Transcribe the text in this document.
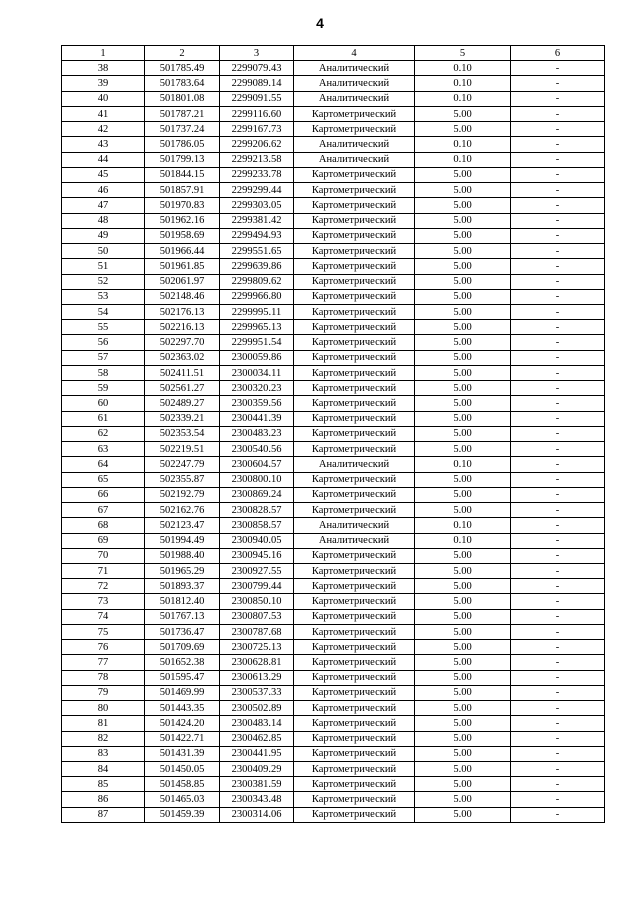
4
1	2	3	4	5	6
38	501785.49	2299079.43	Аналитический	0.10	-
39	501783.64	2299089.14	Аналитический	0.10	-
40	501801.08	2299091.55	Аналитический	0.10	-
41	501787.21	2299116.60	Картометрический	5.00	-
42	501737.24	2299167.73	Картометрический	5.00	-
43	501786.05	2299206.62	Аналитический	0.10	-
44	501799.13	2299213.58	Аналитический	0.10	-
45	501844.15	2299233.78	Картометрический	5.00	-
46	501857.91	2299299.44	Картометрический	5.00	-
47	501970.83	2299303.05	Картометрический	5.00	-
48	501962.16	2299381.42	Картометрический	5.00	-
49	501958.69	2299494.93	Картометрический	5.00	-
50	501966.44	2299551.65	Картометрический	5.00	-
51	501961.85	2299639.86	Картометрический	5.00	-
52	502061.97	2299809.62	Картометрический	5.00	-
53	502148.46	2299966.80	Картометрический	5.00	-
54	502176.13	2299995.11	Картометрический	5.00	-
55	502216.13	2299965.13	Картометрический	5.00	-
56	502297.70	2299951.54	Картометрический	5.00	-
57	502363.02	2300059.86	Картометрический	5.00	-
58	502411.51	2300034.11	Картометрический	5.00	-
59	502561.27	2300320.23	Картометрический	5.00	-
60	502489.27	2300359.56	Картометрический	5.00	-
61	502339.21	2300441.39	Картометрический	5.00	-
62	502353.54	2300483.23	Картометрический	5.00	-
63	502219.51	2300540.56	Картометрический	5.00	-
64	502247.79	2300604.57	Аналитический	0.10	-
65	502355.87	2300800.10	Картометрический	5.00	-
66	502192.79	2300869.24	Картометрический	5.00	-
67	502162.76	2300828.57	Картометрический	5.00	-
68	502123.47	2300858.57	Аналитический	0.10	-
69	501994.49	2300940.05	Аналитический	0.10	-
70	501988.40	2300945.16	Картометрический	5.00	-
71	501965.29	2300927.55	Картометрический	5.00	-
72	501893.37	2300799.44	Картометрический	5.00	-
73	501812.40	2300850.10	Картометрический	5.00	-
74	501767.13	2300807.53	Картометрический	5.00	-
75	501736.47	2300787.68	Картометрический	5.00	-
76	501709.69	2300725.13	Картометрический	5.00	-
77	501652.38	2300628.81	Картометрический	5.00	-
78	501595.47	2300613.29	Картометрический	5.00	-
79	501469.99	2300537.33	Картометрический	5.00	-
80	501443.35	2300502.89	Картометрический	5.00	-
81	501424.20	2300483.14	Картометрический	5.00	-
82	501422.71	2300462.85	Картометрический	5.00	-
83	501431.39	2300441.95	Картометрический	5.00	-
84	501450.05	2300409.29	Картометрический	5.00	-
85	501458.85	2300381.59	Картометрический	5.00	-
86	501465.03	2300343.48	Картометрический	5.00	-
87	501459.39	2300314.06	Картометрический	5.00	-
